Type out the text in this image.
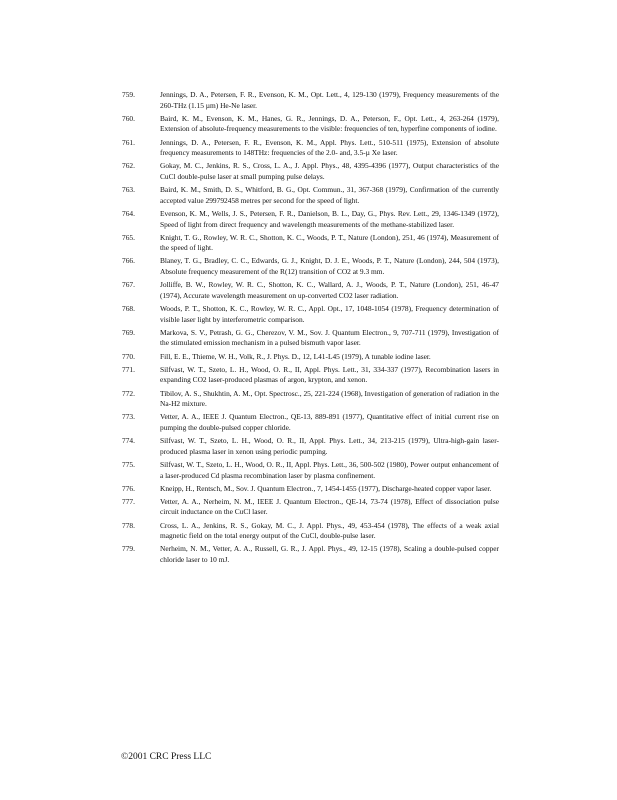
759.	Jennings, D. A., Petersen, F. R., Evenson, K. M., Opt. Lett., 4, 129-130 (1979), Frequency measurements of the 260-THz (1.15 µm) He-Ne laser.
760.	Baird, K. M., Evenson, K. M., Hanes, G. R., Jennings, D. A., Peterson, F., Opt. Lett., 4, 263-264 (1979), Extension of absolute-frequency measurements to the visible: frequencies of ten, hyperfine components of iodine.
761.	Jennings, D. A., Petersen, F. R., Evenson, K. M., Appl. Phys. Lett., 510-511 (1975), Extension of absolute frequency measurements to 148THz: frequencies of the 2.0- and, 3.5-µ Xe laser.
762.	Gokay, M. C., Jenkins, R. S., Cross, L. A., J. Appl. Phys., 48, 4395-4396 (1977), Output characteristics of the CuCl double-pulse laser at small pumping pulse delays.
763.	Baird, K. M., Smith, D. S., Whitford, B. G., Opt. Commun., 31, 367-368 (1979), Confirmation of the currently accepted value 299792458 metres per second for the speed of light.
764.	Evenson, K. M., Wells, J. S., Petersen, F. R., Danielson, B. L., Day, G., Phys. Rev. Lett., 29, 1346-1349 (1972), Speed of light from direct frequency and wavelength measurements of the methane-stabilized laser.
765.	Knight, T. G., Rowley, W. R. C., Shotton, K. C., Woods, P. T., Nature (London), 251, 46 (1974), Measurement of the speed of light.
766.	Blaney, T. G., Bradley, C. C., Edwards, G. J., Knight, D. J. E., Woods, P. T., Nature (London), 244, 504 (1973), Absolute frequency measurement of the R(12) transition of CO2 at 9.3 mm.
767.	Jolliffe, B. W., Rowley, W. R. C., Shotton, K. C., Wallard, A. J., Woods, P. T., Nature (London), 251, 46-47 (1974), Accurate wavelength measurement on up-converted CO2 laser radiation.
768.	Woods, P. T., Shotton, K. C., Rowley, W. R. C., Appl. Opt., 17, 1048-1054 (1978), Frequency determination of visible laser light by interferometric comparison.
769.	Markova, S. V., Petrash, G. G., Cherezov, V. M., Sov. J. Quantum Electron., 9, 707-711 (1979), Investigation of the stimulated emission mechanism in a pulsed bismuth vapor laser.
770.	Fill, E. E., Thieme, W. H., Volk, R., J. Phys. D., 12, L41-L45 (1979), A tunable iodine laser.
771.	Silfvast, W. T., Szeto, L. H., Wood, O. R., II, Appl. Phys. Lett., 31, 334-337 (1977), Recombination lasers in expanding CO2 laser-produced plasmas of argon, krypton, and xenon.
772.	Tibilov, A. S., Shukhtin, A. M., Opt. Spectrosc., 25, 221-224 (1968), Investigation of generation of radiation in the Na-H2 mixture.
773.	Vetter, A. A., IEEE J. Quantum Electron., QE-13, 889-891 (1977), Quantitative effect of initial current rise on pumping the double-pulsed copper chloride.
774.	Silfvast, W. T., Szeto, L. H., Wood, O. R., II, Appl. Phys. Lett., 34, 213-215 (1979), Ultra-high-gain laser-produced plasma laser in xenon using periodic pumping.
775.	Silfvast, W. T., Szeto, L. H., Wood, O. R., II, Appl. Phys. Lett., 36, 500-502 (1980), Power output enhancement of a laser-produced Cd plasma recombination laser by plasma confinement.
776.	Kneipp, H., Rentsch, M., Sov. J. Quantum Electron., 7, 1454-1455 (1977), Discharge-heated copper vapor laser.
777.	Vetter, A. A., Nerheim, N. M., IEEE J. Quantum Electron., QE-14, 73-74 (1978), Effect of dissociation pulse circuit inductance on the CuCl laser.
778.	Cross, L. A., Jenkins, R. S., Gokay, M. C., J. Appl. Phys., 49, 453-454 (1978), The effects of a weak axial magnetic field on the total energy output of the CuCl, double-pulse laser.
779.	Nerheim, N. M., Vetter, A. A., Russell, G. R., J. Appl. Phys., 49, 12-15 (1978), Scaling a double-pulsed copper chloride laser to 10 mJ.
©2001 CRC Press LLC
